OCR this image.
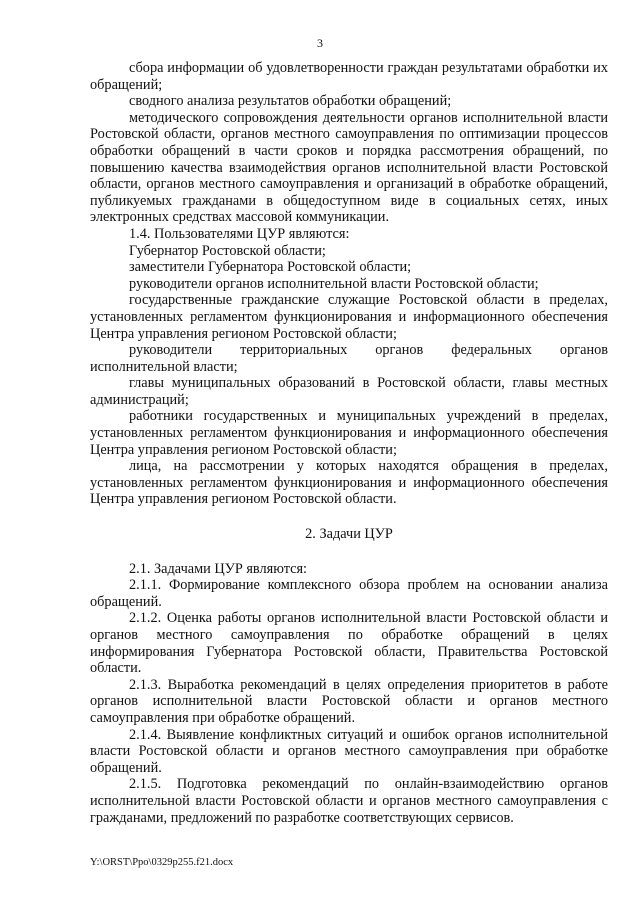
3

сбора информации об удовлетворенности граждан результатами обработки их обращений;

сводного анализа результатов обработки обращений;

методического сопровождения деятельности органов исполнительной власти Ростовской области, органов местного самоуправления по оптимизации процессов обработки обращений в части сроков и порядка рассмотрения обращений, по повышению качества взаимодействия органов исполнительной власти Ростовской области, органов местного самоуправления и организаций в обработке обращений, публикуемых гражданами в общедоступном виде в социальных сетях, иных электронных средствах массовой коммуникации.

1.4. Пользователями ЦУР являются:

Губернатор Ростовской области;

заместители Губернатора Ростовской области;

руководители органов исполнительной власти Ростовской области;

государственные гражданские служащие Ростовской области в пределах, установленных регламентом функционирования и информационного обеспечения Центра управления регионом Ростовской области;

руководители территориальных органов федеральных органов исполнительной власти;

главы муниципальных образований в Ростовской области, главы местных администраций;

работники государственных и муниципальных учреждений в пределах, установленных регламентом функционирования и информационного обеспечения Центра управления регионом Ростовской области;

лица, на рассмотрении у которых находятся обращения в пределах, установленных регламентом функционирования и информационного обеспечения Центра управления регионом Ростовской области.

2. Задачи ЦУР

2.1. Задачами ЦУР являются:

2.1.1. Формирование комплексного обзора проблем на основании анализа обращений.

2.1.2. Оценка работы органов исполнительной власти Ростовской области и органов местного самоуправления по обработке обращений в целях информирования Губернатора Ростовской области, Правительства Ростовской области.

2.1.3. Выработка рекомендаций в целях определения приоритетов в работе органов исполнительной власти Ростовской области и органов местного самоуправления при обработке обращений.

2.1.4. Выявление конфликтных ситуаций и ошибок органов исполнительной власти Ростовской области и органов местного самоуправления при обработке обращений.

2.1.5. Подготовка рекомендаций по онлайн-взаимодействию органов исполнительной власти Ростовской области и органов местного самоуправления с гражданами, предложений по разработке соответствующих сервисов.

Y:\ORST\Ppo\0329p255.f21.docx
